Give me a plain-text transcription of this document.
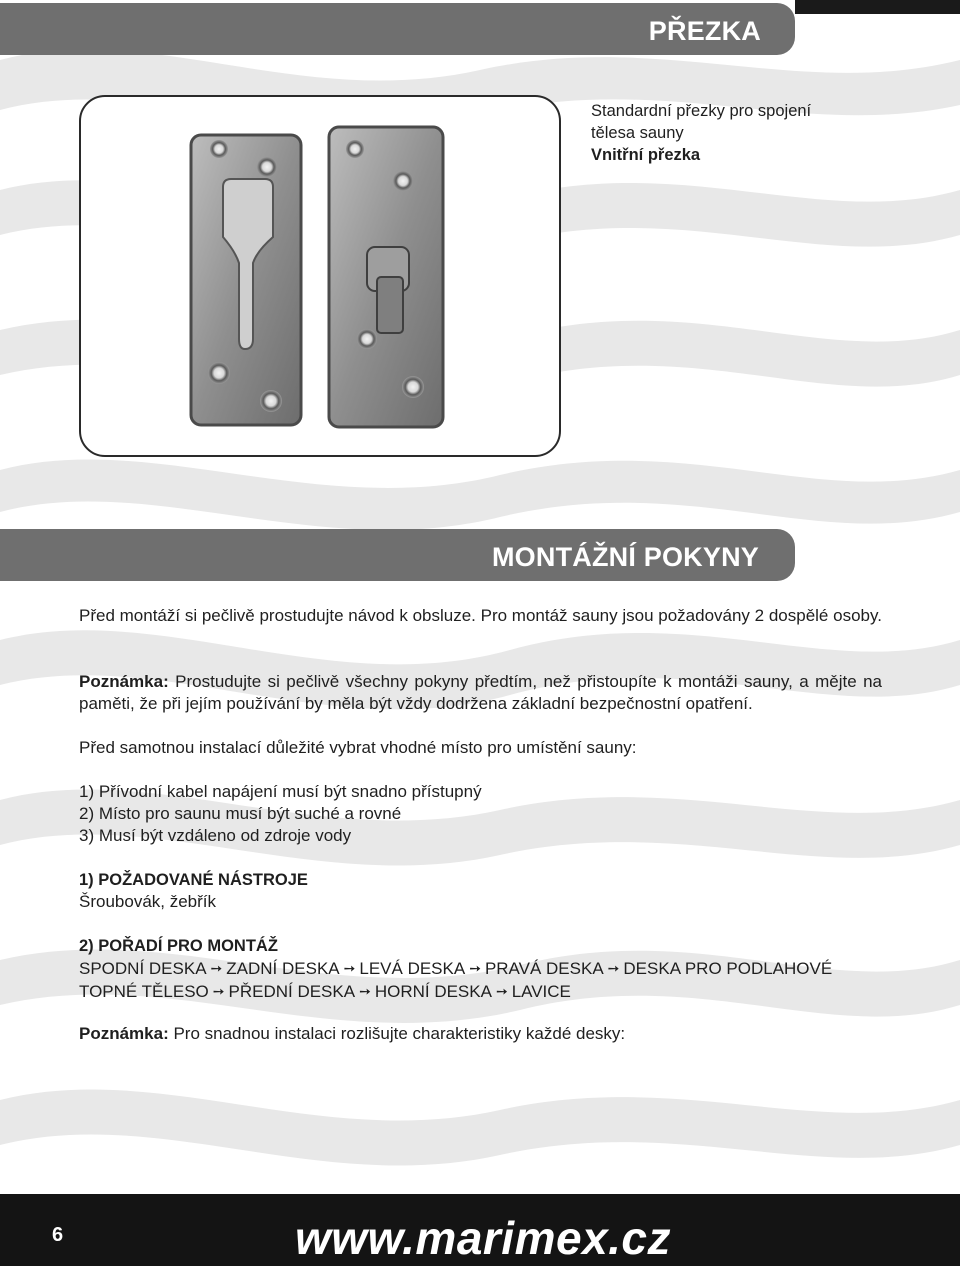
PŘEZKA
Standardní přezky pro spojení
tělesa sauny
Vnitřní přezka
MONTÁŽNÍ POKYNY
Před montáží si pečlivě prostudujte návod k obsluze. Pro montáž sauny jsou požadovány 2 dospělé osoby.
Poznámka: Prostudujte si pečlivě všechny pokyny předtím, než přistoupíte k montáži sauny, a mějte na paměti, že při jejím používání by měla být vždy dodržena základní bezpečnostní opatření.
Před samotnou instalací důležité vybrat vhodné místo pro umístění sauny:
1) Přívodní kabel napájení musí být snadno přístupný
2) Místo pro saunu musí být suché a rovné
3) Musí být vzdáleno od zdroje vody
1) POŽADOVANÉ NÁSTROJE
Šroubovák, žebřík
2) POŘADÍ PRO MONTÁŽ
SPODNÍ DESKA ➙ ZADNÍ DESKA ➙ LEVÁ DESKA ➙ PRAVÁ DESKA ➙ DESKA PRO PODLAHOVÉ
TOPNÉ TĚLESO ➙ PŘEDNÍ DESKA ➙ HORNÍ DESKA ➙ LAVICE
Poznámka: Pro snadnou instalaci rozlišujte charakteristiky každé desky:
6	www.marimex.cz
